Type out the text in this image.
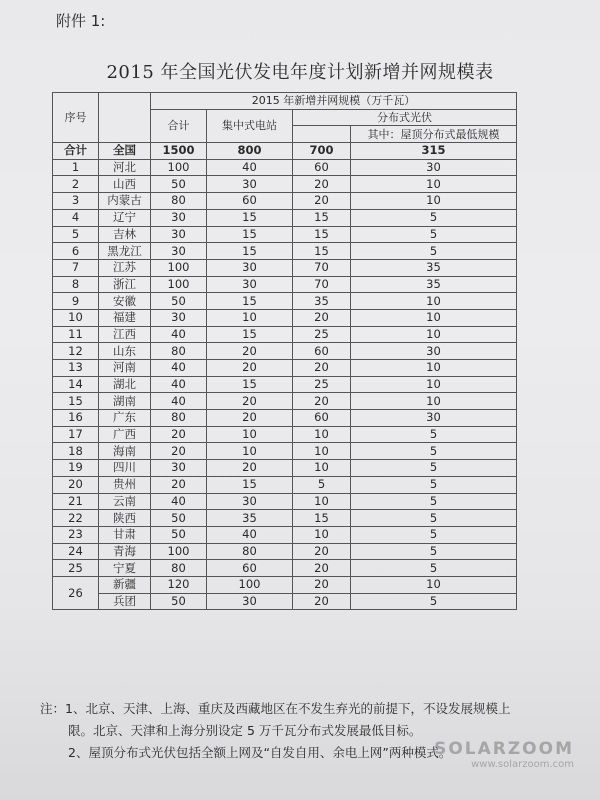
附件 1:
2015 年全国光伏发电年度计划新增并网规模表
序号		2015 年新增并网规模（万千瓦）			
		合计	集中式电站	分布式光伏	
					其中：屋顶分布式最低规模
合计	全国	1500	800	700	315
1	河北	100	40	60	30
2	山西	50	30	20	10
3	内蒙古	80	60	20	10
4	辽宁	30	15	15	5
5	吉林	30	15	15	5
6	黑龙江	30	15	15	5
7	江苏	100	30	70	35
8	浙江	100	30	70	35
9	安徽	50	15	35	10
10	福建	30	10	20	10
11	江西	40	15	25	10
12	山东	80	20	60	30
13	河南	40	20	20	10
14	湖北	40	15	25	10
15	湖南	40	20	20	10
16	广东	80	20	60	30
17	广西	20	10	10	5
18	海南	20	10	10	5
19	四川	30	20	10	5
20	贵州	20	15	5	5
21	云南	40	30	10	5
22	陕西	50	35	15	5
23	甘肃	50	40	10	5
24	青海	100	80	20	5
25	宁夏	80	60	20	5
26	新疆	120	100	20	10
	兵团	50	30	20	5

注：1、北京、天津、上海、重庆及西藏地区在不发生弃光的前提下，不设发展规模上

限。北京、天津和上海分别设定 5 万千瓦分布式发展最低目标。

2、屋顶分布式光伏包括全额上网及“自发自用、余电上网”两种模式。

SOLARZOOM
www.solarzoom.com
